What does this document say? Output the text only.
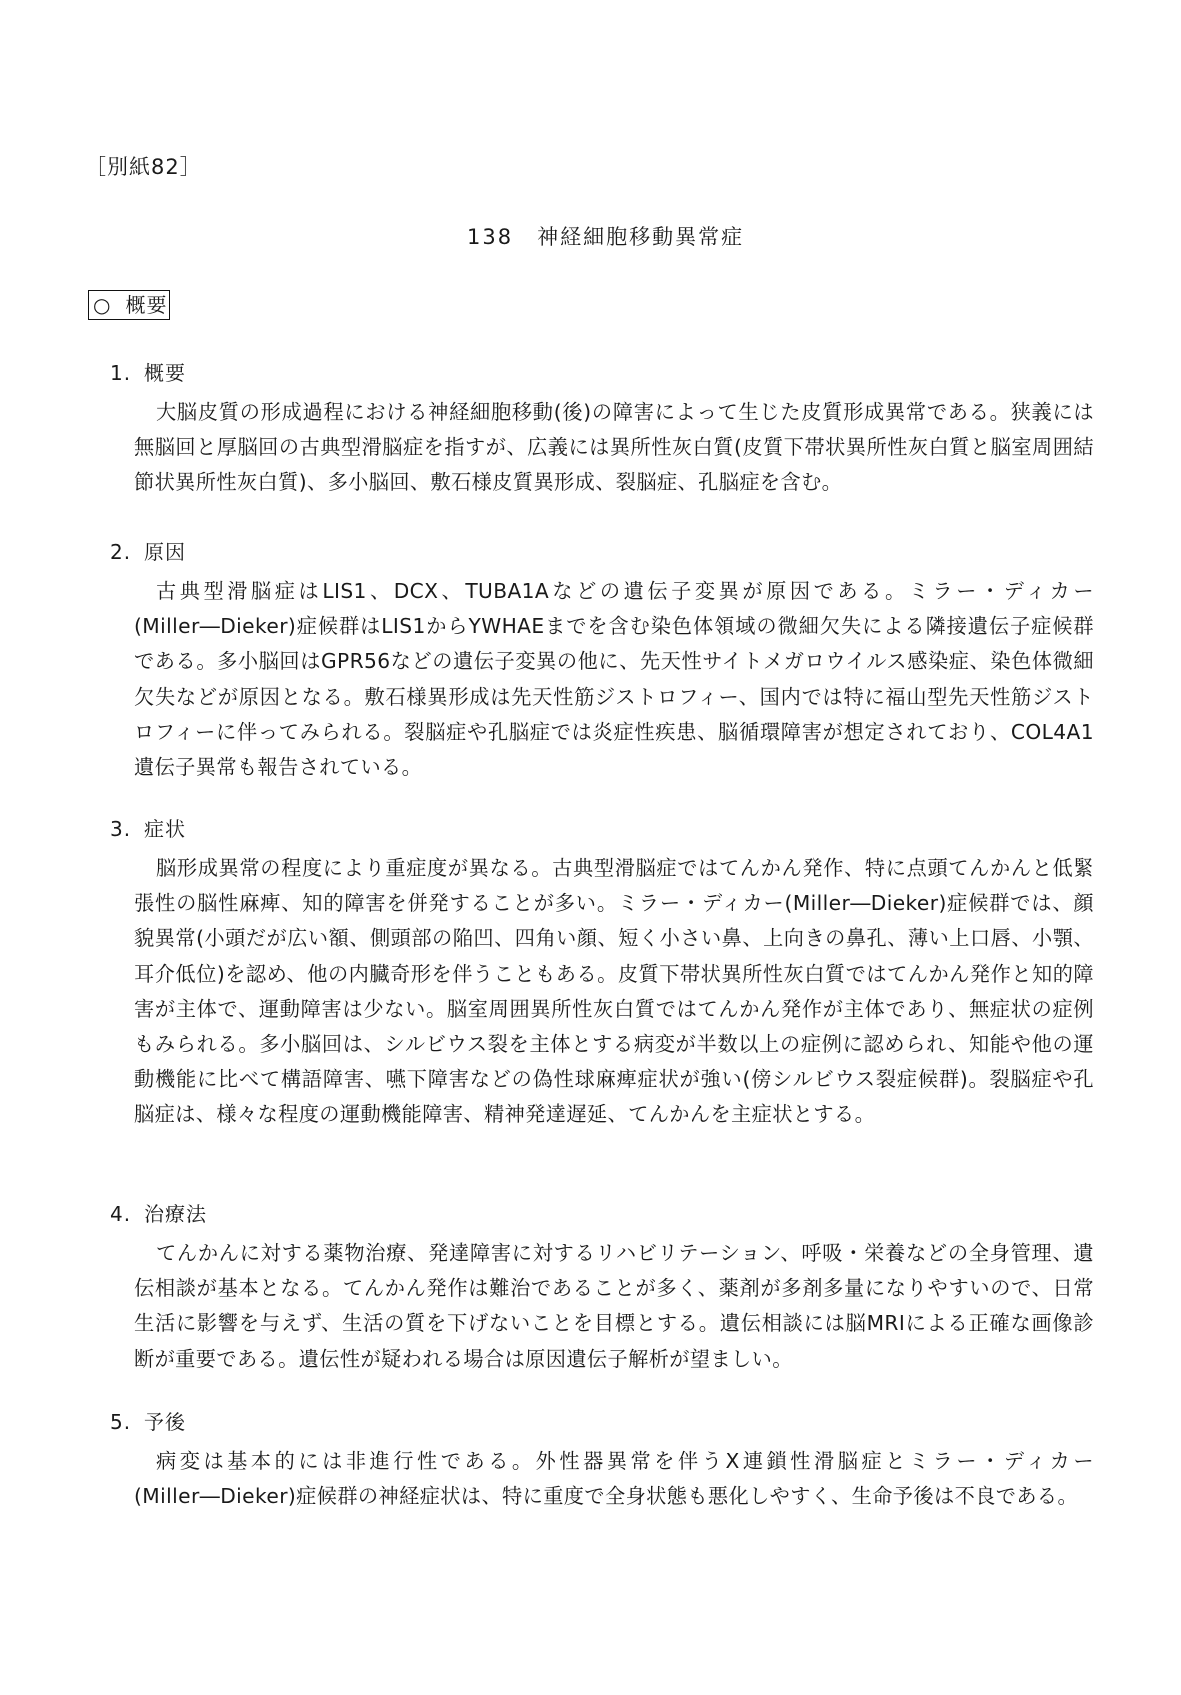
［別紙82］
138 神経細胞移動異常症
○ 概要
1. 概要

大脳皮質の形成過程における神経細胞移動(後)の障害によって生じた皮質形成異常である。狭義には無脳回と厚脳回の古典型滑脳症を指すが、広義には異所性灰白質(皮質下帯状異所性灰白質と脳室周囲結節状異所性灰白質)、多小脳回、敷石様皮質異形成、裂脳症、孔脳症を含む。

2. 原因

古典型滑脳症はLIS1、DCX、TUBA1Aなどの遺伝子変異が原因である。ミラー・ディカー(Miller―Dieker)症候群はLIS1からYWHAEまでを含む染色体領域の微細欠失による隣接遺伝子症候群である。多小脳回はGPR56などの遺伝子変異の他に、先天性サイトメガロウイルス感染症、染色体微細欠失などが原因となる。敷石様異形成は先天性筋ジストロフィー、国内では特に福山型先天性筋ジストロフィーに伴ってみられる。裂脳症や孔脳症では炎症性疾患、脳循環障害が想定されており、COL4A1遺伝子異常も報告されている。

3. 症状

脳形成異常の程度により重症度が異なる。古典型滑脳症ではてんかん発作、特に点頭てんかんと低緊張性の脳性麻痺、知的障害を併発することが多い。ミラー・ディカー(Miller―Dieker)症候群では、顔貌異常(小頭だが広い額、側頭部の陥凹、四角い顔、短く小さい鼻、上向きの鼻孔、薄い上口唇、小顎、耳介低位)を認め、他の内臓奇形を伴うこともある。皮質下帯状異所性灰白質ではてんかん発作と知的障害が主体で、運動障害は少ない。脳室周囲異所性灰白質ではてんかん発作が主体であり、無症状の症例もみられる。多小脳回は、シルビウス裂を主体とする病変が半数以上の症例に認められ、知能や他の運動機能に比べて構語障害、嚥下障害などの偽性球麻痺症状が強い(傍シルビウス裂症候群)。裂脳症や孔脳症は、様々な程度の運動機能障害、精神発達遅延、てんかんを主症状とする。

4. 治療法

てんかんに対する薬物治療、発達障害に対するリハビリテーション、呼吸・栄養などの全身管理、遺伝相談が基本となる。てんかん発作は難治であることが多く、薬剤が多剤多量になりやすいので、日常生活に影響を与えず、生活の質を下げないことを目標とする。遺伝相談には脳MRIによる正確な画像診断が重要である。遺伝性が疑われる場合は原因遺伝子解析が望ましい。

5. 予後

病変は基本的には非進行性である。外性器異常を伴うX連鎖性滑脳症とミラー・ディカー(Miller―Dieker)症候群の神経症状は、特に重度で全身状態も悪化しやすく、生命予後は不良である。
